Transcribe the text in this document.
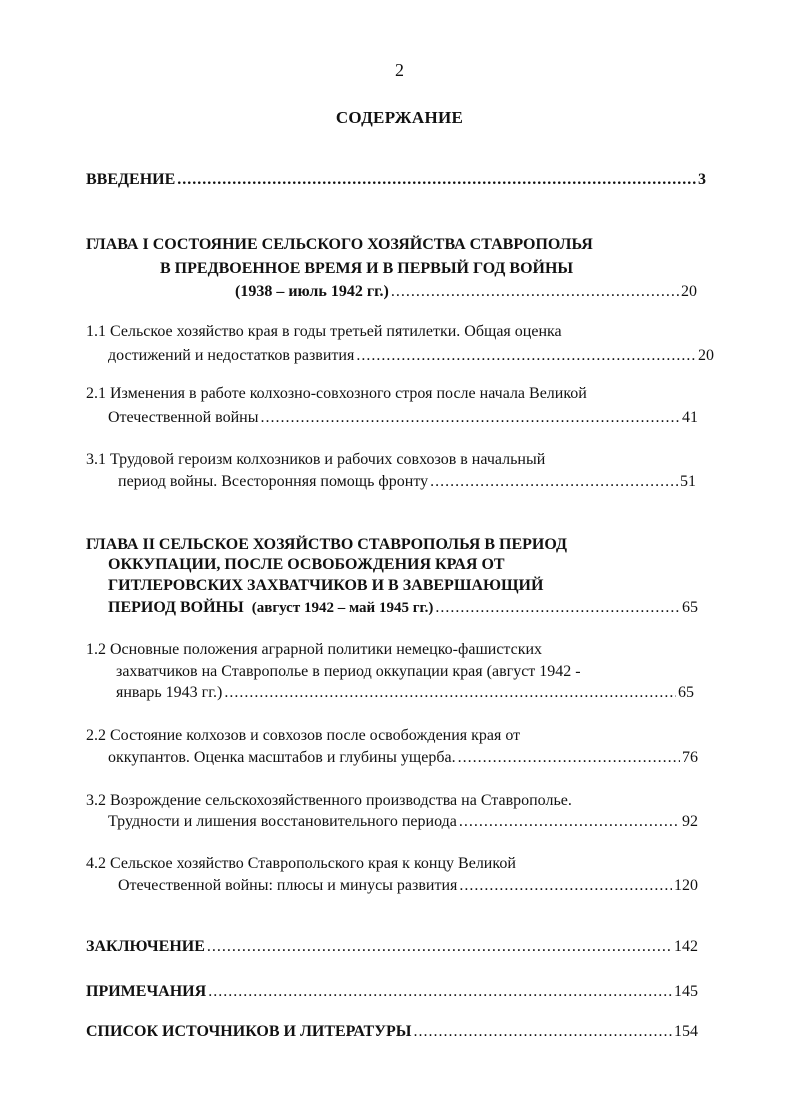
2
СОДЕРЖАНИЕ
ВВЕДЕНИЕ .....	3
ГЛАВА I СОСТОЯНИЕ СЕЛЬСКОГО ХОЗЯЙСТВА СТАВРОПОЛЬЯ
В ПРЕДВОЕННОЕ ВРЕМЯ И В ПЕРВЫЙ ГОД ВОЙНЫ
(1938 – июль 1942 гг.) .....	20
1.1 Сельское хозяйство края в годы третьей пятилетки. Общая оценка
достижений и недостатков развития .....	20
2.1 Изменения в работе колхозно-совхозного строя после начала Великой
Отечественной войны .....	41
3.1 Трудовой героизм колхозников и рабочих совхозов в начальный
период войны. Всесторонняя помощь фронту .....	51
ГЛАВА II СЕЛЬСКОЕ ХОЗЯЙСТВО СТАВРОПОЛЬЯ В ПЕРИОД
ОККУПАЦИИ, ПОСЛЕ ОСВОБОЖДЕНИЯ КРАЯ ОТ
ГИТЛЕРОВСКИХ ЗАХВАТЧИКОВ И В ЗАВЕРШАЮЩИЙ
ПЕРИОД ВОЙНЫ (август 1942 – май 1945 гг.) .....	65
1.2 Основные положения аграрной политики немецко-фашистских
захватчиков на Ставрополье в период оккупации края (август 1942 -
январь 1943 гг.) .....	65
2.2 Состояние колхозов и совхозов после освобождения края от
оккупантов. Оценка масштабов и глубины ущерба. .....	76
3.2 Возрождение сельскохозяйственного производства на Ставрополье.
Трудности и лишения восстановительного периода .....	92
4.2 Сельское хозяйство Ставропольского края к концу Великой
Отечественной войны: плюсы и минусы развития .....	120
ЗАКЛЮЧЕНИЕ .....	142
ПРИМЕЧАНИЯ .....	145
СПИСОК ИСТОЧНИКОВ И ЛИТЕРАТУРЫ .....	154
